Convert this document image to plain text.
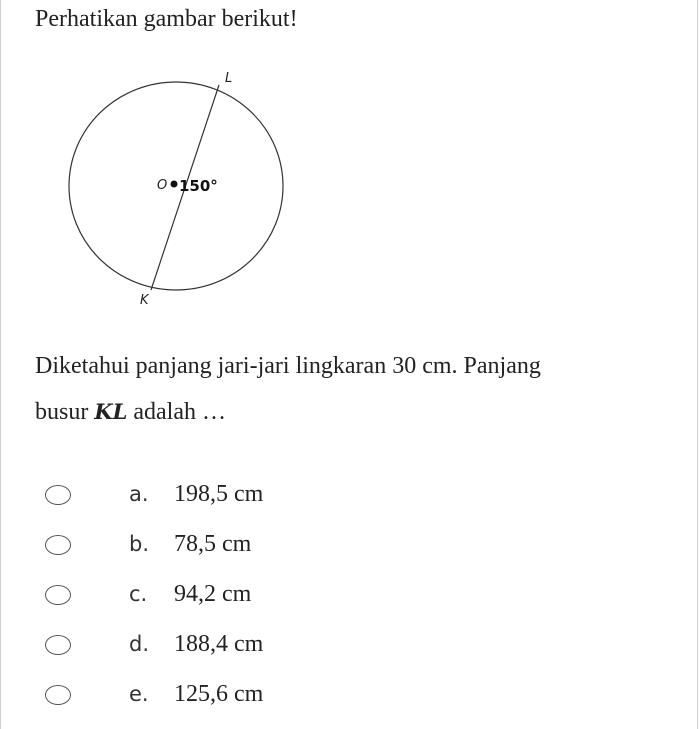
Perhatikan gambar berikut!
L
O
K
150°
Diketahui panjang jari-jari lingkaran 30 cm. Panjang
busur KL adalah …
a. 198,5 cm
b. 78,5 cm
c. 94,2 cm
d. 188,4 cm
e. 125,6 cm
